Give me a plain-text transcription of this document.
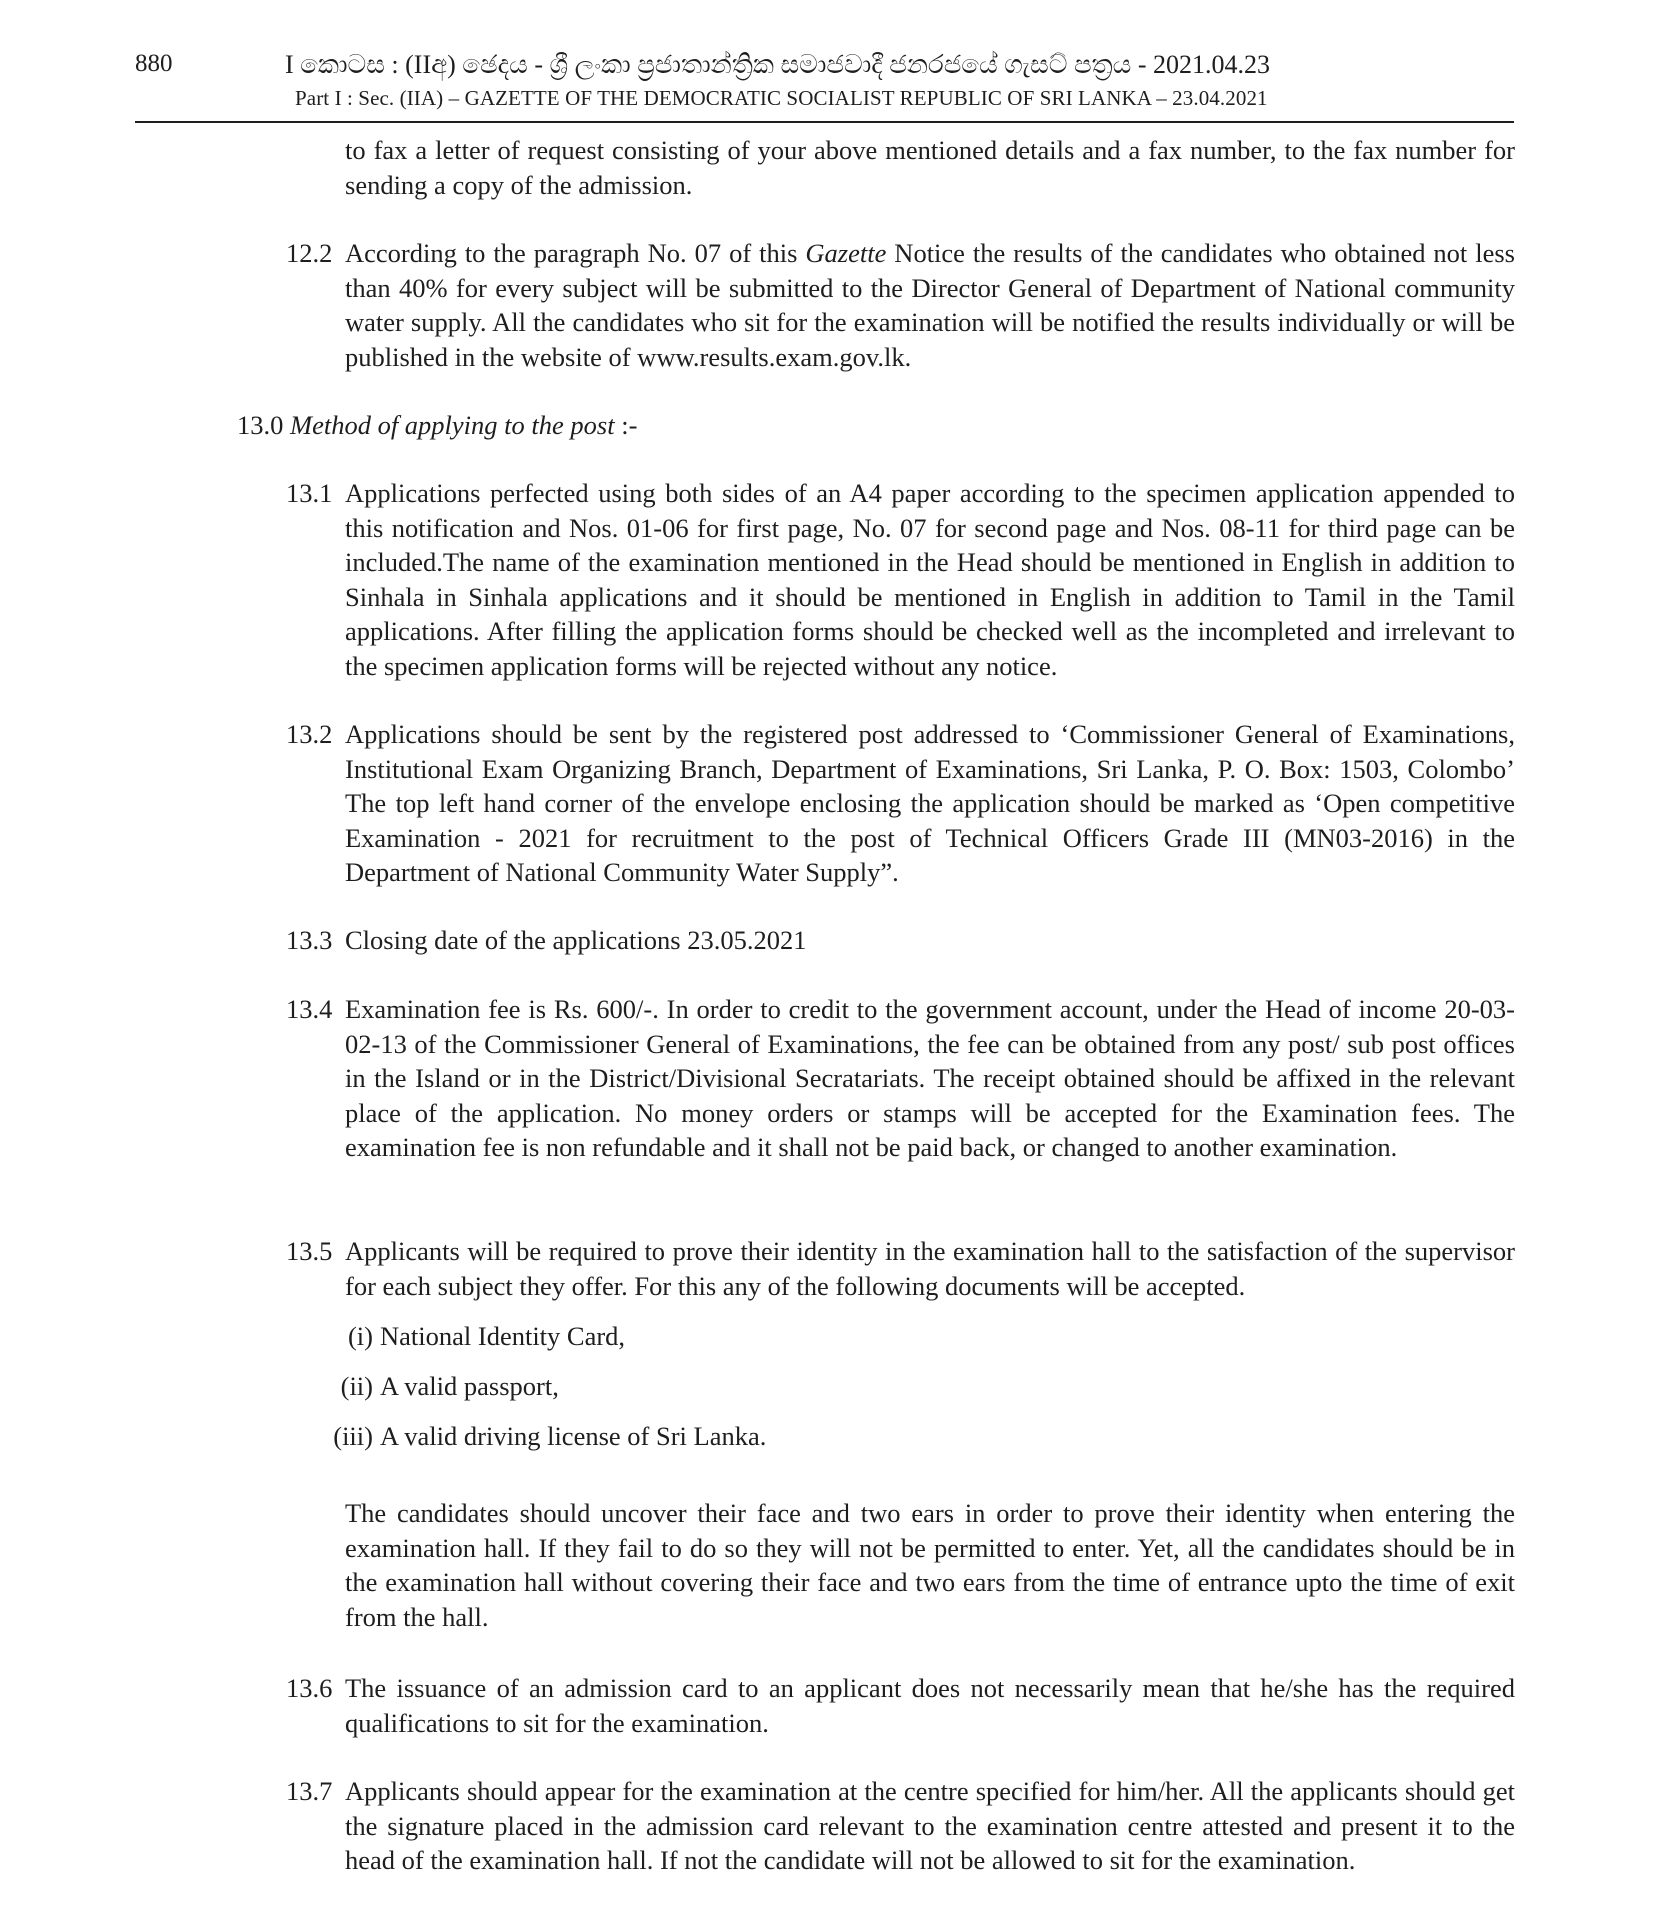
880	I කොටස : (IIඅ) ඡෙදය - ශ්‍රී ලංකා ප්‍රජාතාන්ත්‍රික සමාජවාදී ජනරජයේ ගැසට් පත්‍රය - 2021.04.23
Part I : Sec. (IIA) – GAZETTE OF THE DEMOCRATIC SOCIALIST REPUBLIC OF SRI LANKA – 23.04.2021
to fax a letter of request consisting of your above mentioned details and a fax number, to the fax number for sending a copy of the admission.
12.2 According to the paragraph No. 07 of this Gazette Notice the results of the candidates who obtained not less than 40% for every subject will be submitted to the Director General of Department of National community water supply. All the candidates who sit for the examination will be notified the results individually or will be published in the website of www.results.exam.gov.lk.
13.0 Method of applying to the post :-
13.1 Applications perfected using both sides of an A4 paper according to the specimen application appended to this notification and Nos. 01-06 for first page, No. 07 for second page and Nos. 08-11 for third page can be included.The name of the examination mentioned in the Head should be mentioned in English in addition to Sinhala in Sinhala applications and it should be mentioned in English in addition to Tamil in the Tamil applications. After filling the application forms should be checked well as the incompleted and irrelevant to the specimen application forms will be rejected without any notice.
13.2 Applications should be sent by the registered post addressed to ‘Commissioner General of Examinations, Institutional Exam Organizing Branch, Department of Examinations, Sri Lanka, P. O. Box: 1503, Colombo’ The top left hand corner of the envelope enclosing the application should be marked as ‘Open competitive Examination - 2021 for recruitment to the post of Technical Officers Grade III (MN03-2016) in the Department of National Community Water Supply”.
13.3 Closing date of the applications 23.05.2021
13.4 Examination fee is Rs. 600/-. In order to credit to the government account, under the Head of income 20-03-02-13 of the Commissioner General of Examinations, the fee can be obtained from any post/ sub post offices in the Island or in the District/Divisional Secratariats. The receipt obtained should be affixed in the relevant place of the application. No money orders or stamps will be accepted for the Examination fees. The examination fee is non refundable and it shall not be paid back, or changed to another examination.
13.5 Applicants will be required to prove their identity in the examination hall to the satisfaction of the supervisor for each subject they offer. For this any of the following documents will be accepted.
(i) National Identity Card,
(ii) A valid passport,
(iii) A valid driving license of Sri Lanka.
The candidates should uncover their face and two ears in order to prove their identity when entering the examination hall. If they fail to do so they will not be permitted to enter. Yet, all the candidates should be in the examination hall without covering their face and two ears from the time of entrance upto the time of exit from the hall.
13.6 The issuance of an admission card to an applicant does not necessarily mean that he/she has the required qualifications to sit for the examination.
13.7 Applicants should appear for the examination at the centre specified for him/her. All the applicants should get the signature placed in the admission card relevant to the examination centre attested and present it to the head of the examination hall. If not the candidate will not be allowed to sit for the examination.
